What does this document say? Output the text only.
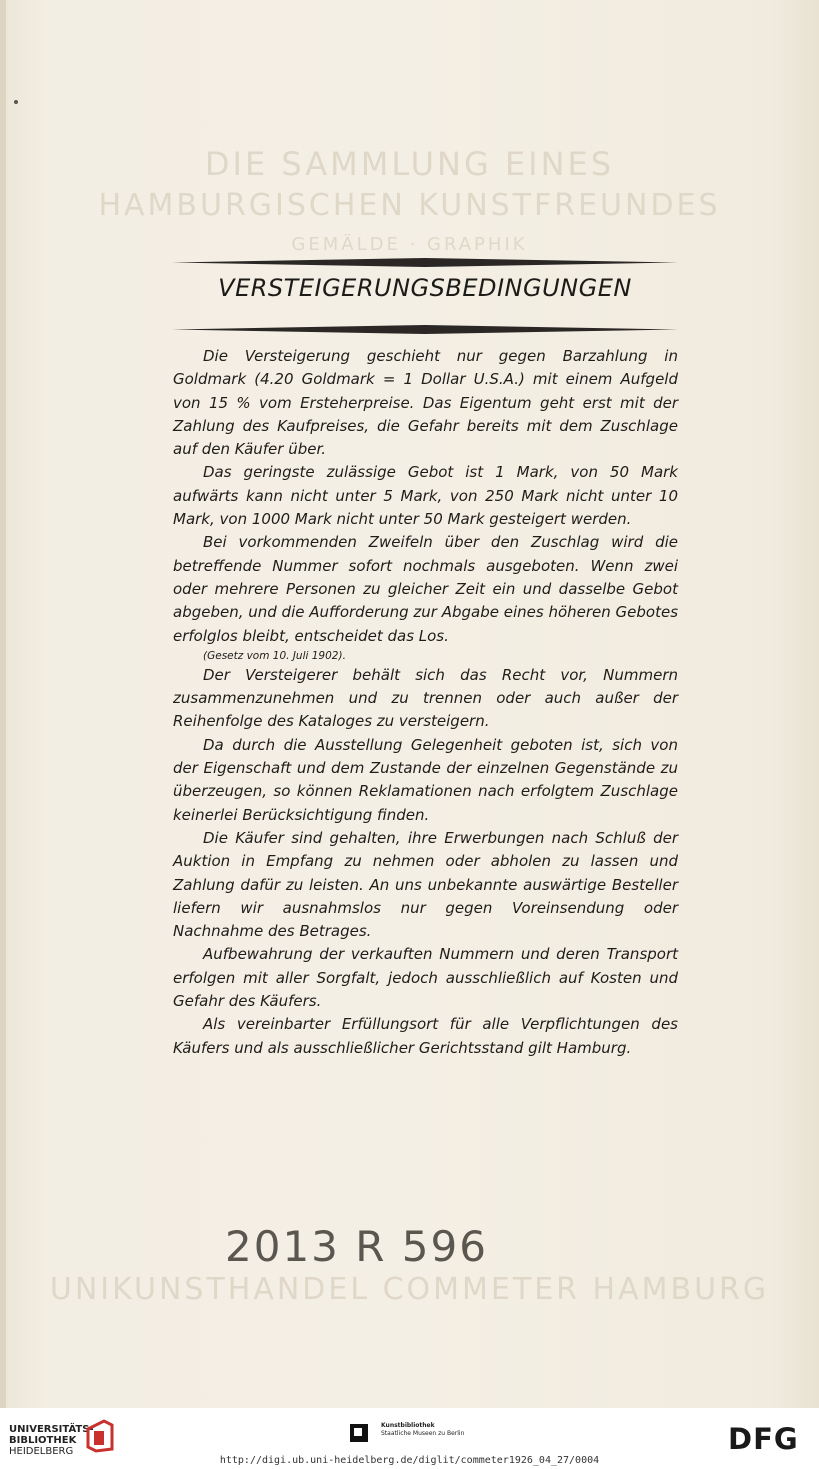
DIE SAMMLUNG EINES
HAMBURGISCHEN KUNSTFREUNDES
GEMÄLDE · GRAPHIK
VERSTEIGERUNGSBEDINGUNGEN

Die Versteigerung geschieht nur gegen Barzahlung in Goldmark (4.20 Goldmark = 1 Dollar U.S.A.) mit einem Aufgeld von 15 % vom Ersteherpreise. Das Eigentum geht erst mit der Zahlung des Kaufpreises, die Gefahr bereits mit dem Zuschlage auf den Käufer über.

Das geringste zulässige Gebot ist 1 Mark, von 50 Mark aufwärts kann nicht unter 5 Mark, von 250 Mark nicht unter 10 Mark, von 1000 Mark nicht unter 50 Mark gesteigert werden.

Bei vorkommenden Zweifeln über den Zuschlag wird die betreffende Nummer sofort nochmals ausgeboten. Wenn zwei oder mehrere Personen zu gleicher Zeit ein und dasselbe Gebot abgeben, und die Aufforderung zur Abgabe eines höheren Gebotes erfolglos bleibt, entscheidet das Los.

(Gesetz vom 10. Juli 1902).

Der Versteigerer behält sich das Recht vor, Nummern zusammenzunehmen und zu trennen oder auch außer der Reihenfolge des Kataloges zu versteigern.

Da durch die Ausstellung Gelegenheit geboten ist, sich von der Eigenschaft und dem Zustande der einzelnen Gegenstände zu überzeugen, so können Reklamationen nach erfolgtem Zuschlage keinerlei Berücksichtigung finden.

Die Käufer sind gehalten, ihre Erwerbungen nach Schluß der Auktion in Empfang zu nehmen oder abholen zu lassen und Zahlung dafür zu leisten. An uns unbekannte auswärtige Besteller liefern wir ausnahmslos nur gegen Voreinsendung oder Nachnahme des Betrages.

Aufbewahrung der verkauften Nummern und deren Transport erfolgen mit aller Sorgfalt, jedoch ausschließlich auf Kosten und Gefahr des Käufers.

Als vereinbarter Erfüllungsort für alle Verpflichtungen des Käufers und als ausschließlicher Gerichtsstand gilt Hamburg.

UNIKUNSTHANDEL COMMETER HAMBURG
2013 R 596
UNIVERSITÄTS-
BIBLIOTHEK
HEIDELBERG
Kunstbibliothek
Staatliche Museen zu Berlin	DFG
http://digi.ub.uni-heidelberg.de/diglit/commeter1926_04_27/0004
